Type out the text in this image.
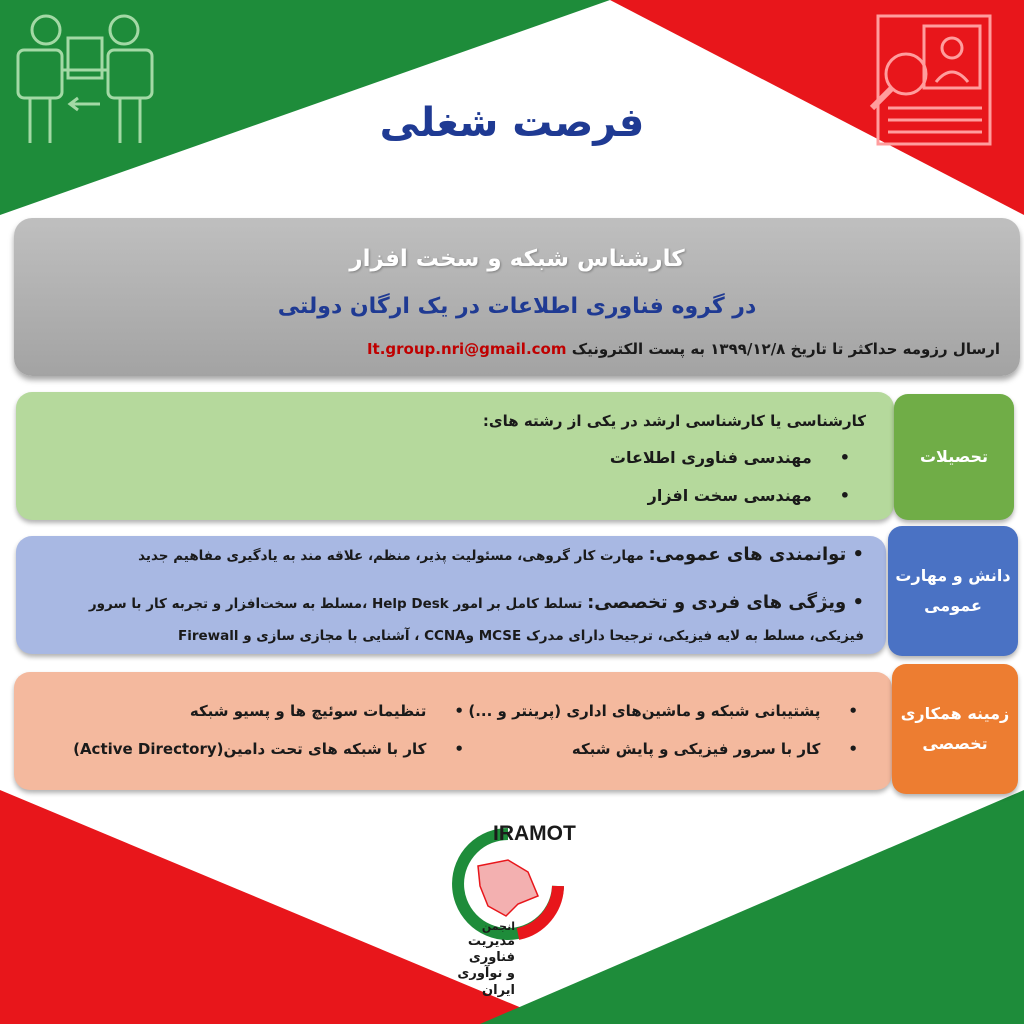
فرصت شغلی
کارشناس شبکه و سخت افزار
در گروه فناوری اطلاعات در یک ارگان دولتی
ارسال رزومه حداکثر تا تاریخ ۱۳۹۹/۱۲/۸ به پست الکترونیک It.group.nri@gmail.com
کارشناسی یا کارشناسی ارشد در یکی از رشته های:
•مهندسی فناوری اطلاعات
•مهندسی سخت افزار
تحصیلات
• توانمندی های عمومی: مهارت کار گروهی، مسئولیت پذیر، منظم، علاقه مند به یادگیری مفاهیم جدید
• ویژگی های فردی و تخصصی: تسلط کامل بر امور Help Desk ،مسلط به سخت‌افزار و تجربه کار با سرور
فیزیکی، مسلط به لایه فیزیکی، ترجیحا دارای مدرک MCSE وCCNA ، آشنایی با مجازی سازی و Firewall
دانش و مهارت
عمومی
•پشتیبانی شبکه و ماشین‌های اداری (پرینتر و ...)
•تنظیمات سوئیچ ها و پسیو شبکه
•کار با سرور فیزیکی و پایش شبکه
•کار با شبکه های تحت دامین(Active Directory)
زمینه همکاری
تخصصی
IRAMOT
انجمن
مدیریت فناوری
و نوآوری ایران
